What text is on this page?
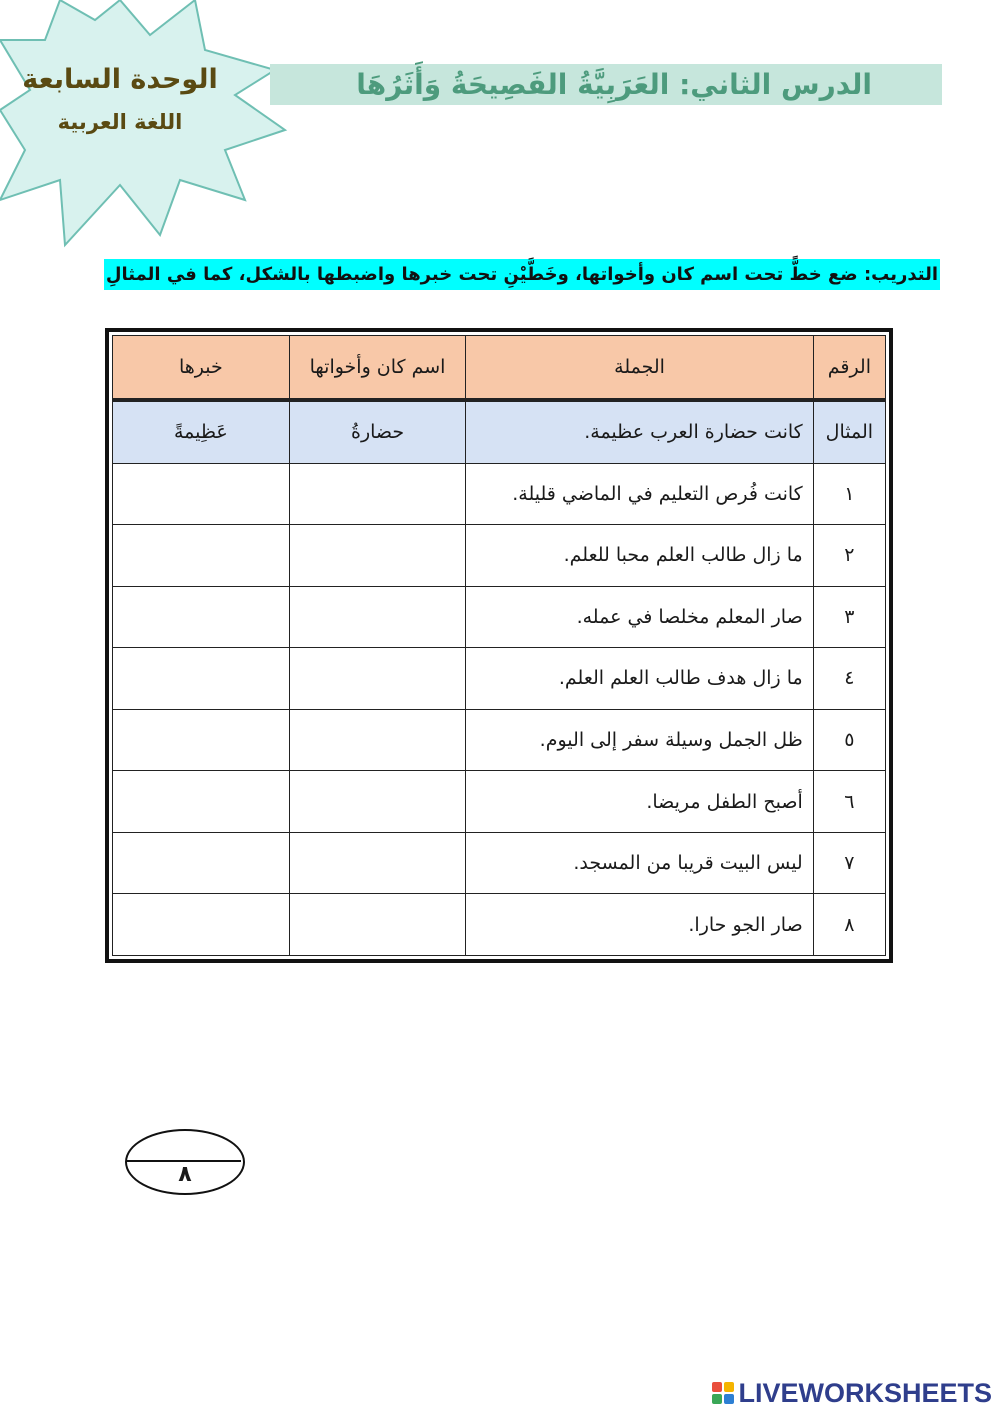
الوحدة السابعة
اللغة العربية
الدرس الثاني: العَرَبِيَّةُ الفَصِيحَةُ وَأَثَرُهَا
التدريب: ضع خطًّ تحت اسم كان وأخواتها، وخَطَّيْنِ تحت خبرها واضبطها بالشكل، كما في المثالِ
الرقم	الجملة	اسم كان وأخواتها	خبرها
المثال	كانت حضارة العرب عظيمة.	حضارةُ	عَظِيمةً
١	كانت فُرص التعليم في الماضي قليلة.		
٢	ما زال طالب العلم محبا للعلم.		
٣	صار المعلم مخلصا في عمله.		
٤	ما زال هدف طالب العلم العلم.		
٥	ظل الجمل وسيلة سفر إلى اليوم.		
٦	أصبح الطفل مريضا.		
٧	ليس البيت قريبا من المسجد.		
٨	صار الجو حارا.		
٨
LIVEWORKSHEETS
